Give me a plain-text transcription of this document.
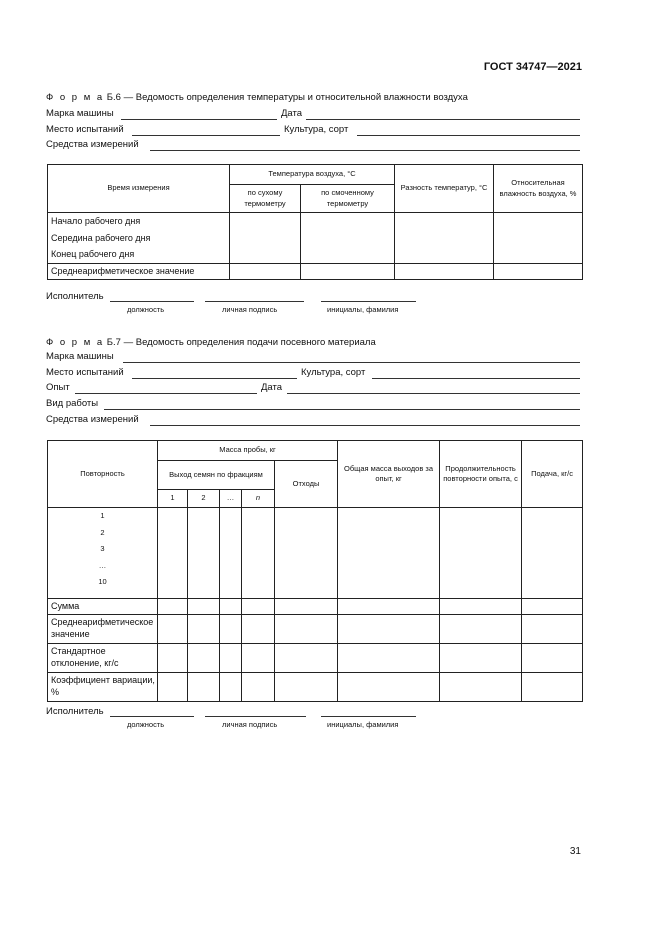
ГОСТ 34747—2021
Ф о р м а Б.6 — Ведомость определения температуры и относительной влажности воздуха
Марка машины	Дата
Место испытаний	Культура, сорт
Средства измерений
Время измерения	Температура воздуха, °С		Разность температур, °С	Относительная влажность воздуха, %
	по сухому термометру	по смоченному термометру		

Начало рабочего дня
Середина рабочего дня
Конец рабочего дня				

Среднеарифметическое значение				
Исполнитель
должность	личная подпись	инициалы, фамилия
Ф о р м а Б.7 — Ведомость определения подачи посевного материала
Марка машины
Место испытаний	Культура, сорт
Опыт	Дата
Вид работы
Средства измерений
Повторность	Масса пробы, кг					Общая масса выходов за опыт, кг	Продолжительность повторности опыта, с	Подача, кг/с
	Выход семян по фракциям				Отходы			
	1	2	…	n				

1
2
3
…
10								

Сумма								
Среднеарифметическое значение								
Стандартное отклонение, кг/с								
Коэффициент вариации, %								
Исполнитель
должность	личная подпись	инициалы, фамилия
31
